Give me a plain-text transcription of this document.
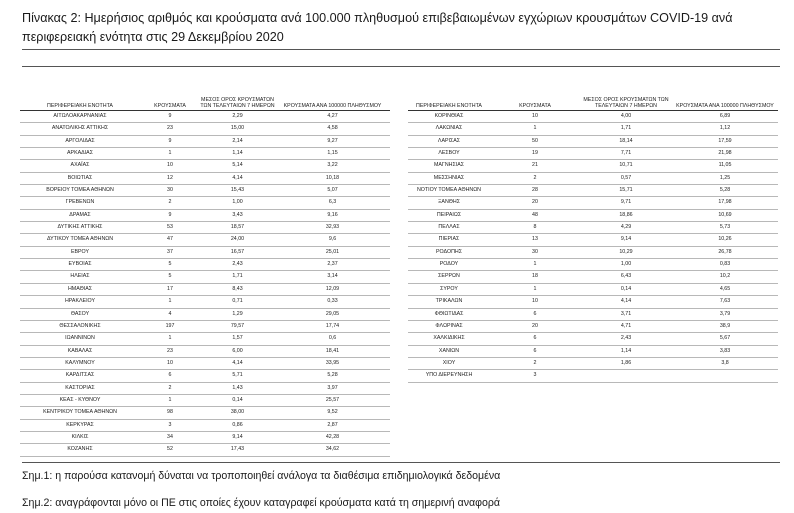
Πίνακας 2: Ημερήσιος αριθμός και κρούσματα ανά 100.000 πληθυσμού επιβεβαιωμένων εγχώριων κρουσμάτων COVID-19 ανά περιφερειακή ενότητα στις 29 Δεκεμβρίου 2020
ΠΕΡΙΦΕΡΕΙΑΚΗ ΕΝΟΤΗΤΑ	ΚΡΟΥΣΜΑΤΑ	ΜΕΣΟΣ ΟΡΟΣ ΚΡΟΥΣΜΑΤΩΝ ΤΩΝ ΤΕΛΕΥΤΑΙΩΝ 7 ΗΜΕΡΩΝ	ΚΡΟΥΣΜΑΤΑ ΑΝΑ 100000 ΠΛΗΘΥΣΜΟΥ
ΑΙΤΩΛΟΑΚΑΡΝΑΝΙΑΣ	9	2,29	4,27
ΑΝΑΤΟΛΙΚΗΣ ΑΤΤΙΚΗΣ	23	15,00	4,58
ΑΡΓΟΛΙΔΑΣ	9	2,14	9,27
ΑΡΚΑΔΙΑΣ	1	1,14	1,15
ΑΧΑΪΑΣ	10	5,14	3,22
ΒΟΙΩΤΙΑΣ	12	4,14	10,18
ΒΟΡΕΙΟΥ ΤΟΜΕΑ ΑΘΗΝΩΝ	30	15,43	5,07
ΓΡΕΒΕΝΩΝ	2	1,00	6,3
ΔΡΑΜΑΣ	9	3,43	9,16
ΔΥΤΙΚΗΣ ΑΤΤΙΚΗΣ	53	18,57	32,93
ΔΥΤΙΚΟΥ ΤΟΜΕΑ ΑΘΗΝΩΝ	47	24,00	9,6
ΕΒΡΟΥ	37	16,57	25,01
ΕΥΒΟΙΑΣ	5	2,43	2,37
ΗΛΕΙΑΣ	5	1,71	3,14
ΗΜΑΘΙΑΣ	17	8,43	12,09
ΗΡΑΚΛΕΙΟΥ	1	0,71	0,33
ΘΑΣΟΥ	4	1,29	29,05
ΘΕΣΣΑΛΟΝΙΚΗΣ	197	79,57	17,74
ΙΩΑΝΝΙΝΩΝ	1	1,57	0,6
ΚΑΒΑΛΑΣ	23	6,00	18,41
ΚΑΛΥΜΝΟΥ	10	4,14	33,95
ΚΑΡΔΙΤΣΑΣ	6	5,71	5,28
ΚΑΣΤΟΡΙΑΣ	2	1,43	3,97
ΚΕΑΣ - ΚΥΘΝΟΥ	1	0,14	25,57
ΚΕΝΤΡΙΚΟΥ ΤΟΜΕΑ ΑΘΗΝΩΝ	98	38,00	9,52
ΚΕΡΚΥΡΑΣ	3	0,86	2,87
ΚΙΛΚΙΣ	34	9,14	42,28
ΚΟΖΑΝΗΣ	52	17,43	34,62
ΠΕΡΙΦΕΡΕΙΑΚΗ ΕΝΟΤΗΤΑ	ΚΡΟΥΣΜΑΤΑ	ΜΕΣΟΣ ΟΡΟΣ ΚΡΟΥΣΜΑΤΩΝ ΤΩΝ ΤΕΛΕΥΤΑΙΩΝ 7 ΗΜΕΡΩΝ	ΚΡΟΥΣΜΑΤΑ ΑΝΑ 100000 ΠΛΗΘΥΣΜΟΥ
ΚΟΡΙΝΘΙΑΣ	10	4,00	6,89
ΛΑΚΩΝΙΑΣ	1	1,71	1,12
ΛΑΡΙΣΑΣ	50	18,14	17,59
ΛΕΣΒΟΥ	19	7,71	21,98
ΜΑΓΝΗΣΙΑΣ	21	10,71	11,05
ΜΕΣΣΗΝΙΑΣ	2	0,57	1,25
ΝΟΤΙΟΥ ΤΟΜΕΑ ΑΘΗΝΩΝ	28	15,71	5,28
ΞΑΝΘΗΣ	20	9,71	17,98
ΠΕΙΡΑΙΩΣ	48	18,86	10,69
ΠΕΛΛΑΣ	8	4,29	5,73
ΠΙΕΡΙΑΣ	13	9,14	10,26
ΡΟΔΟΠΗΣ	30	10,29	26,78
ΡΟΔΟΥ	1	1,00	0,83
ΣΕΡΡΩΝ	18	6,43	10,2
ΣΥΡΟΥ	1	0,14	4,65
ΤΡΙΚΑΛΩΝ	10	4,14	7,63
ΦΘΙΩΤΙΔΑΣ	6	3,71	3,79
ΦΛΩΡΙΝΑΣ	20	4,71	38,9
ΧΑΛΚΙΔΙΚΗΣ	6	2,43	5,67
ΧΑΝΙΩΝ	6	1,14	3,83
ΧΙΟΥ	2	1,86	3,8
ΥΠΟ ΔΙΕΡΕΥΝΗΣΗ	3		

Σημ.1: η παρούσα κατανομή δύναται να τροποποιηθεί ανάλογα τα διαθέσιμα επιδημιολογικά δεδομένα

Σημ.2: αναγράφονται μόνο οι ΠΕ στις οποίες έχουν καταγραφεί κρούσματα κατά τη σημερινή αναφορά
